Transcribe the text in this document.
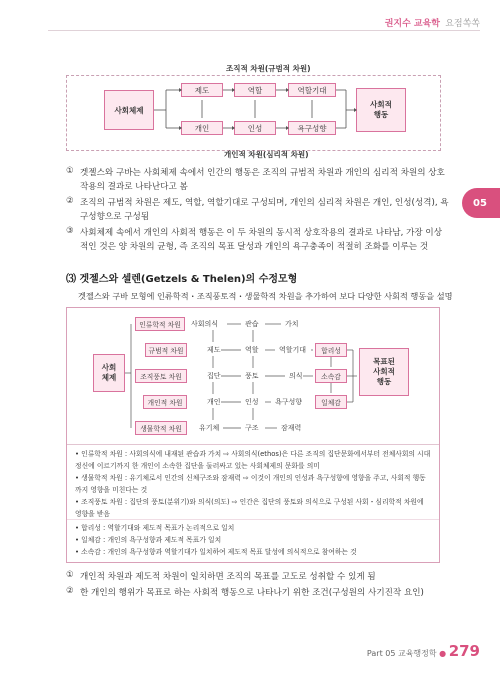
권지수 교육학 요점쏙쏙
05
조직적 차원(규범적 차원)
사회체제
사회적
행동
제도	역할	역할기대
개인	인성	욕구성향
개인적 차원(심리적 차원)
① 겟젤스와 구바는 사회체제 속에서 인간의 행동은 조직의 규범적 차원과 개인의 심리적 차원의 상호작용의 결과로 나타난다고 봄
② 조직의 규범적 차원은 제도, 역할, 역할기대로 구성되며, 개인의 심리적 차원은 개인, 인성(성격), 욕구성향으로 구성됨
③ 사회체제 속에서 개인의 사회적 행동은 이 두 차원의 동시적 상호작용의 결과로 나타남, 가장 이상적인 것은 양 차원의 균형, 즉 조직의 목표 달성과 개인의 욕구충족이 적절히 조화를 이루는 것
⑶ 겟젤스와 셀렌(Getzels & Thelen)의 수정모형
겟젤스와 구바 모형에 인류학적・조직풍토적・생물학적 차원을 추가하여 보다 다양한 사회적 행동을 설명
인류학적 차원
규범적 차원
조직풍토 차원
개인적 차원
생물학적 차원
사회
체제
목표된
사회적
행동
사회의식	관습	가치
제도	역할	역할기대	합리성
집단	풍토	의식	소속감
개인	인성 욕구성향	일체감
유기체	구조	잠재력
• 인류학적 차원 : 사회의식에 내재된 관습과 가치 ⇨ 사회의식(ethos)은 다른 조직의 집단문화에서부터 전체사회의 시대정신에 이르기까지 한 개인이 소속한 집단을 둘러싸고 있는 사회체제의 문화를 의미
• 생물학적 차원 : 유기체로서 인간의 신체구조와 잠재력 ⇨ 이것이 개인의 인성과 욕구성향에 영향을 주고, 사회적 행동까지 영향을 미친다는 것
• 조직풍토 차원 : 집단의 풍토(분위기)와 의식(의도) ⇨ 인간은 집단의 풍토와 의식으로 구성된 사회・심리학적 차원에 영향을 받음
• 합리성 : 역할기대와 제도적 목표가 논리적으로 일치
• 일체감 : 개인의 욕구성향과 제도적 목표가 일치
• 소속감 : 개인의 욕구성향과 역할기대가 일치하여 제도적 목표 달성에 의식적으로 참여하는 것
① 개인적 차원과 제도적 차원이 일치하면 조직의 목표를 고도로 성취할 수 있게 됨
② 한 개인의 행위가 목표로 하는 사회적 행동으로 나타나기 위한 조건(구성원의 사기진작 요인)
Part 05 교육행정학 ● 279
